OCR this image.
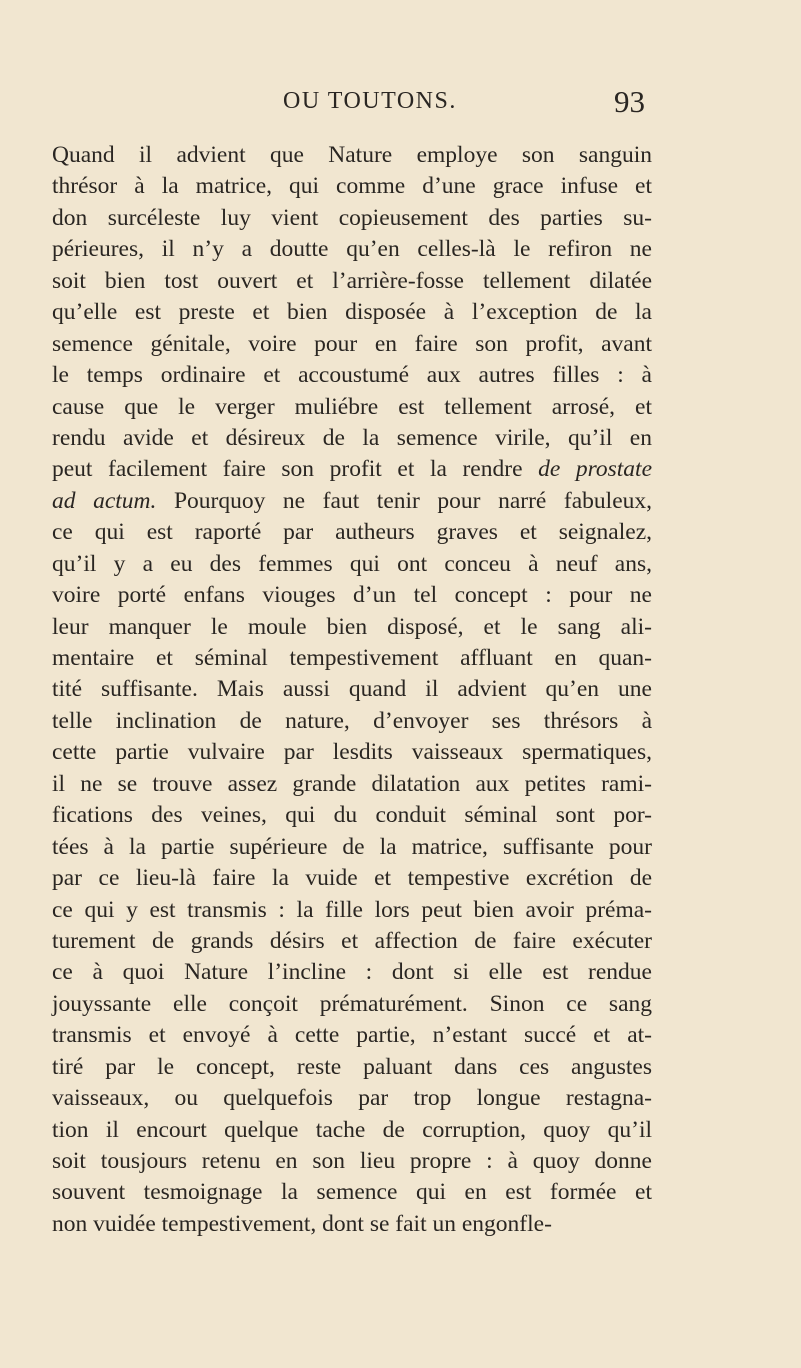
OU TOUTONS.	93
Quand il advient que Nature employe son sanguin
thrésor à la matrice, qui comme d’une grace infuse et
don surcéleste luy vient copieusement des parties su-
périeures, il n’y a doutte qu’en celles-là le refiron ne
soit bien tost ouvert et l’arrière-fosse tellement dilatée
qu’elle est preste et bien disposée à l’exception de la
semence génitale, voire pour en faire son profit, avant
le temps ordinaire et accoustumé aux autres filles : à
cause que le verger muliébre est tellement arrosé, et
rendu avide et désireux de la semence virile, qu’il en
peut facilement faire son profit et la rendre de prostate
ad actum. Pourquoy ne faut tenir pour narré fabuleux,
ce qui est raporté par autheurs graves et seignalez,
qu’il y a eu des femmes qui ont conceu à neuf ans,
voire porté enfans viouges d’un tel concept : pour ne
leur manquer le moule bien disposé, et le sang ali-
mentaire et séminal tempestivement affluant en quan-
tité suffisante. Mais aussi quand il advient qu’en une
telle inclination de nature, d’envoyer ses thrésors à
cette partie vulvaire par lesdits vaisseaux spermatiques,
il ne se trouve assez grande dilatation aux petites rami-
fications des veines, qui du conduit séminal sont por-
tées à la partie supérieure de la matrice, suffisante pour
par ce lieu-là faire la vuide et tempestive excrétion de
ce qui y est transmis : la fille lors peut bien avoir préma-
turement de grands désirs et affection de faire exécuter
ce à quoi Nature l’incline : dont si elle est rendue
jouyssante elle conçoit prématurément. Sinon ce sang
transmis et envoyé à cette partie, n’estant succé et at-
tiré par le concept, reste paluant dans ces angustes
vaisseaux, ou quelquefois par trop longue restagna-
tion il encourt quelque tache de corruption, quoy qu’il
soit tousjours retenu en son lieu propre : à quoy donne
souvent tesmoignage la semence qui en est formée et
non vuidée tempestivement, dont se fait un engonfle-
